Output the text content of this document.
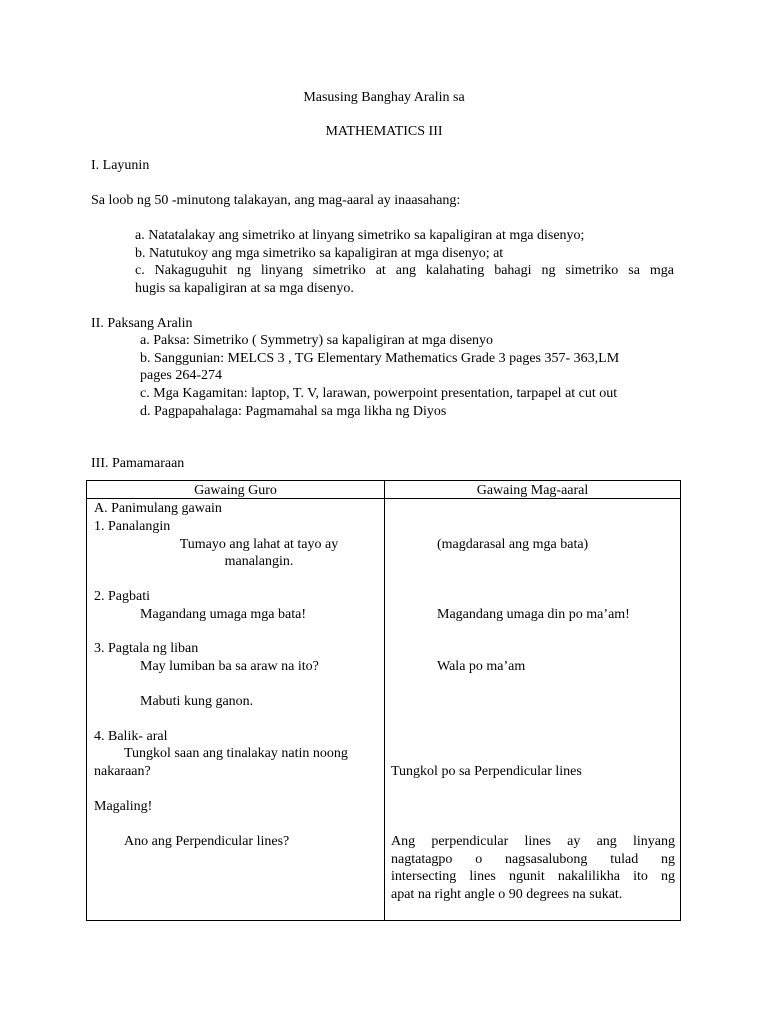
Masusing Banghay Aralin sa
MATHEMATICS III
I. Layunin
Sa loob ng 50 -minutong talakayan, ang mag-aaral ay inaasahang:
a. Natatalakay ang simetriko at linyang simetriko sa kapaligiran at mga disenyo;
b. Natutukoy ang mga simetriko sa kapaligiran at mga disenyo; at
c. Nakaguguhit ng linyang simetriko at ang kalahating bahagi ng simetriko sa mga
hugis sa kapaligiran at sa mga disenyo.
II. Paksang Aralin
a. Paksa: Simetriko ( Symmetry) sa kapaligiran at mga disenyo
b. Sanggunian: MELCS 3 , TG Elementary Mathematics Grade 3 pages 357- 363,LM
pages 264-274
c. Mga Kagamitan: laptop, T. V, larawan, powerpoint presentation, tarpapel at cut out
d. Pagpapahalaga: Pagmamahal sa mga likha ng Diyos
III. Pamamaraan
Gawaing Guro	Gawaing Mag-aaral
A. Panimulang gawain
1. Panalangin
Tumayo ang lahat at tayo ay
manalangin.
2. Pagbati
Magandang umaga mga bata!
3. Pagtala ng liban
May lumiban ba sa araw na ito?
Mabuti kung ganon.
4. Balik- aral
Tungkol saan ang tinalakay natin noong
nakaraan?
Magaling!
Ano ang Perpendicular lines?
(magdarasal ang mga bata)
Magandang umaga din po ma’am!
Wala po ma’am
Tungkol po sa Perpendicular lines
Ang perpendicular lines ay ang linyang
nagtatagpo o nagsasalubong tulad ng
intersecting lines ngunit nakalilikha ito ng
apat na right angle o 90 degrees na sukat.
